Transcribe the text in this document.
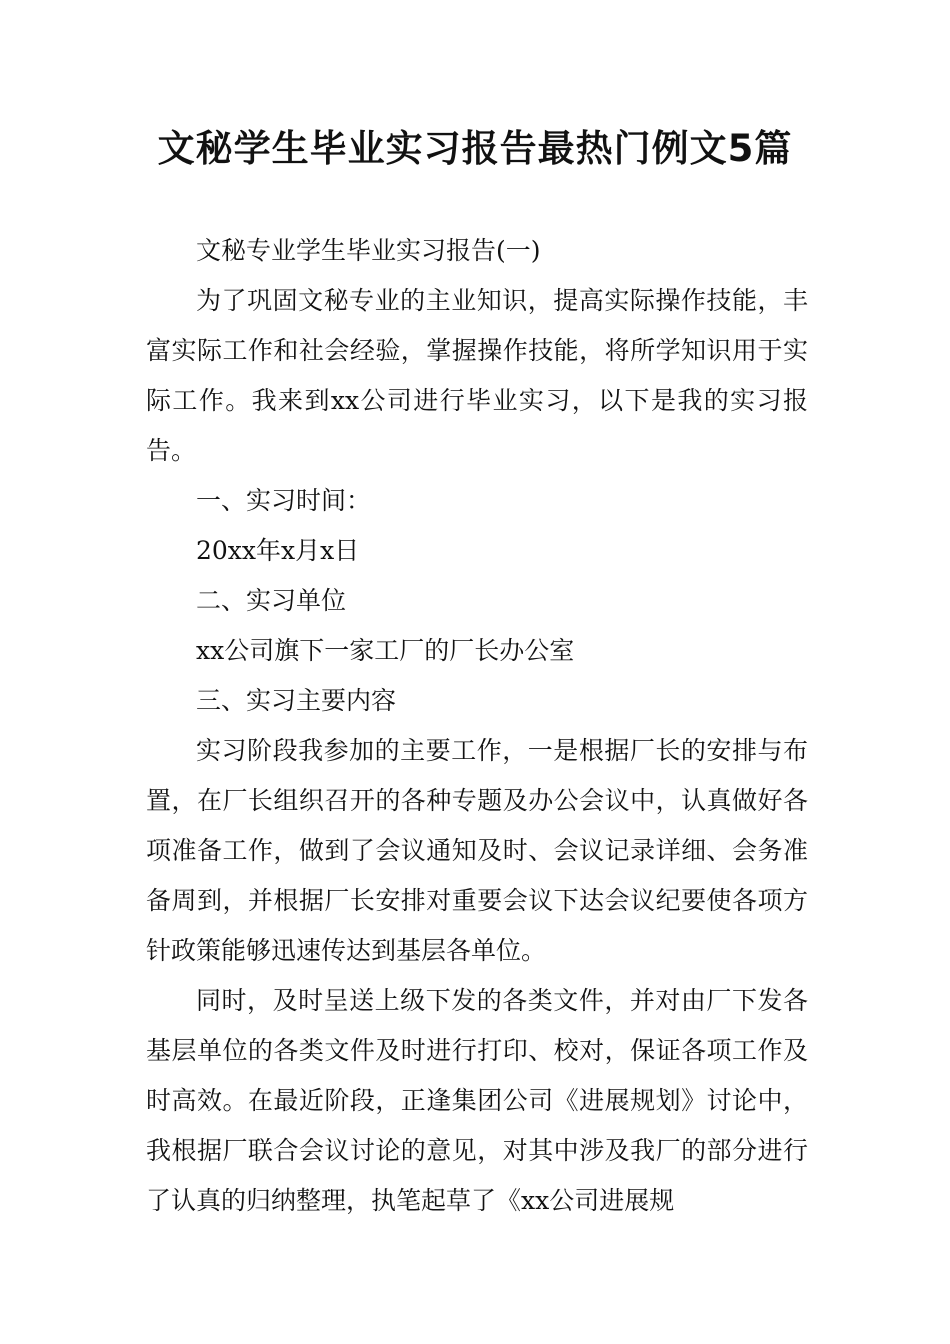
文秘学生毕业实习报告最热门例文5篇

文秘专业学生毕业实习报告(一)

为了巩固文秘专业的主业知识，提高实际操作技能，丰富实际工作和社会经验，掌握操作技能，将所学知识用于实际工作。我来到xx公司进行毕业实习，以下是我的实习报告。

一、实习时间：

20xx年x月x日

二、实习单位

xx公司旗下一家工厂的厂长办公室

三、实习主要内容

实习阶段我参加的主要工作，一是根据厂长的安排与布置，在厂长组织召开的各种专题及办公会议中，认真做好各项准备工作，做到了会议通知及时、会议记录详细、会务准备周到，并根据厂长安排对重要会议下达会议纪要使各项方针政策能够迅速传达到基层各单位。

同时，及时呈送上级下发的各类文件，并对由厂下发各基层单位的各类文件及时进行打印、校对，保证各项工作及时高效。在最近阶段，正逢集团公司《进展规划》讨论中，我根据厂联合会议讨论的意见，对其中涉及我厂的部分进行了认真的归纳整理，执笔起草了《xx公司进展规
